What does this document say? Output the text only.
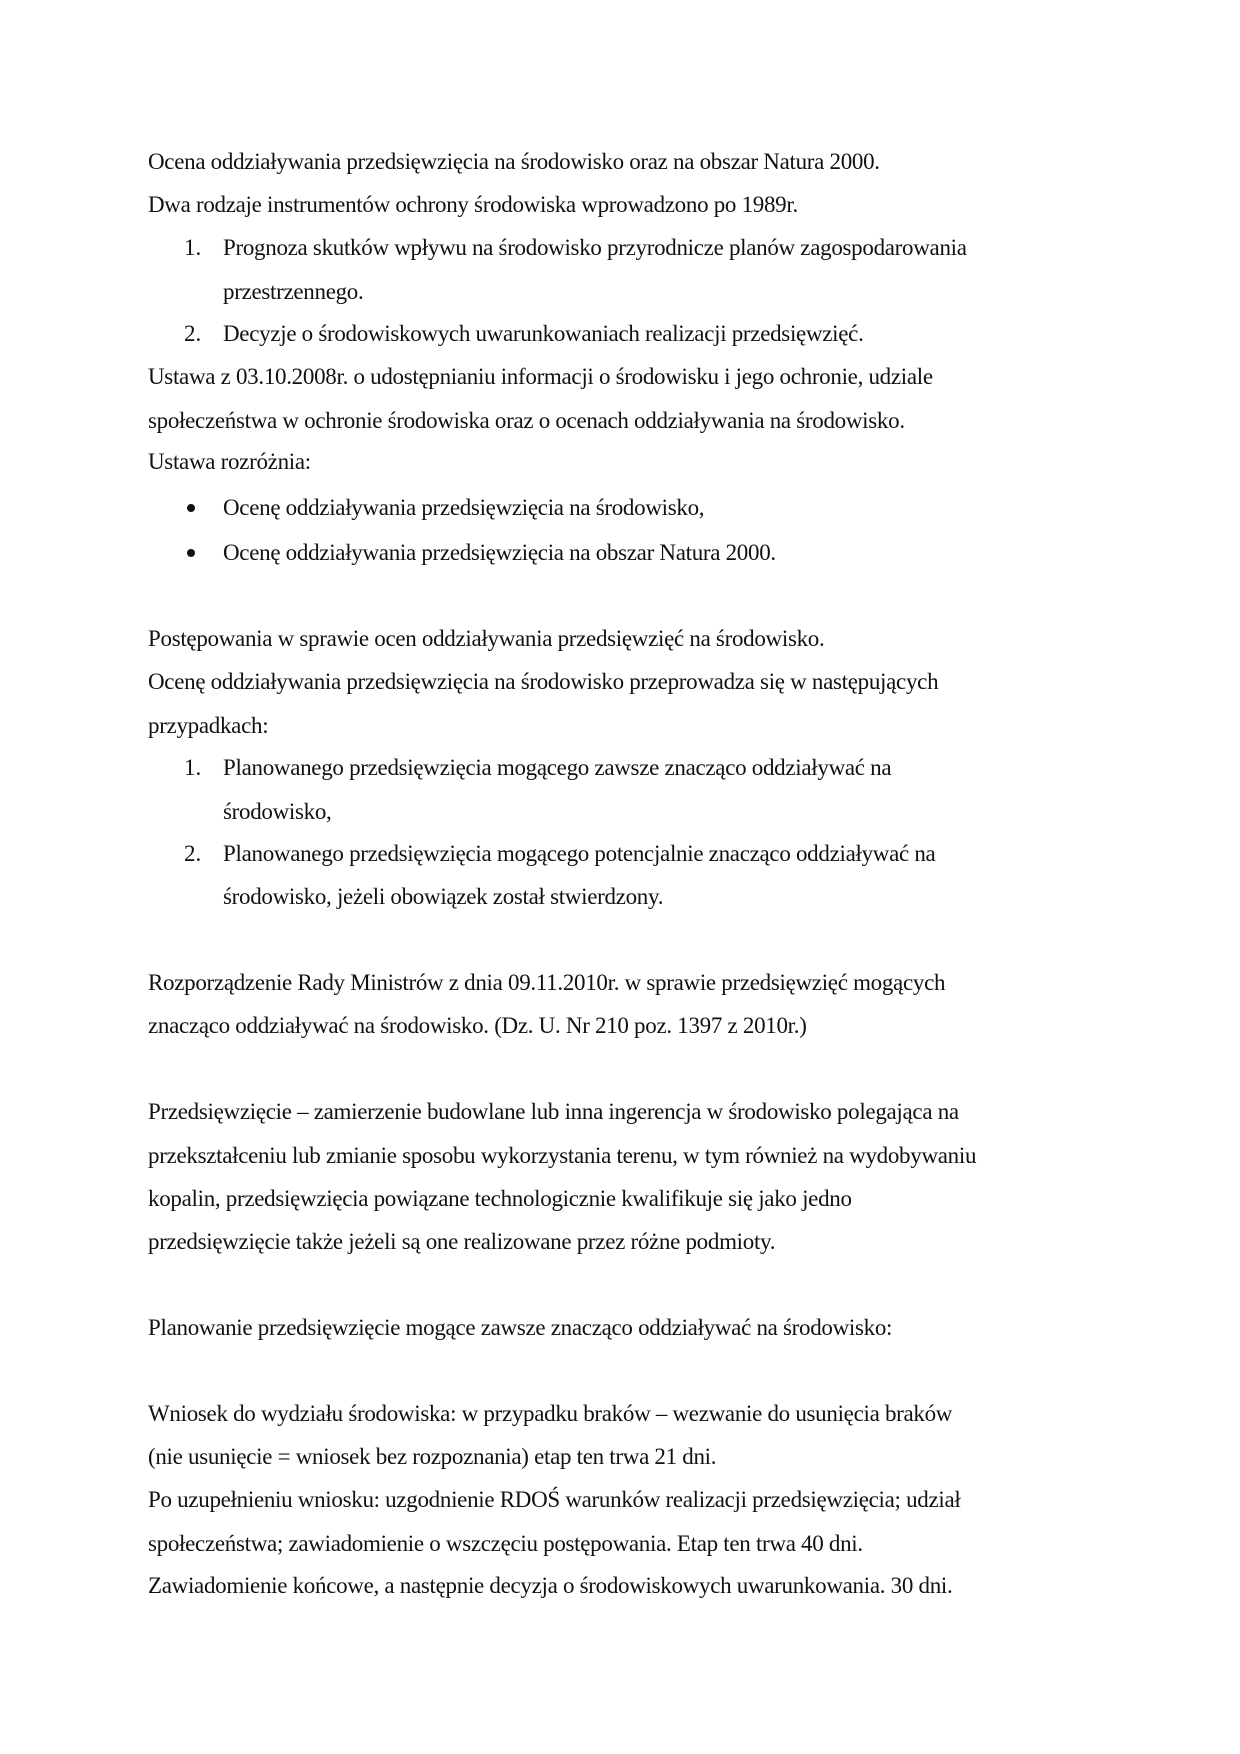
Ocena oddziaływania przedsięwzięcia na środowisko oraz na obszar Natura 2000.
Dwa rodzaje instrumentów ochrony środowiska wprowadzono po 1989r.
1. Prognoza skutków wpływu na środowisko przyrodnicze planów zagospodarowania
przestrzennego.
2. Decyzje o środowiskowych uwarunkowaniach realizacji przedsięwzięć.
Ustawa z 03.10.2008r. o udostępnianiu informacji o środowisku i jego ochronie, udziale
społeczeństwa w ochronie środowiska oraz o ocenach oddziaływania na środowisko.
Ustawa rozróżnia:
Ocenę oddziaływania przedsięwzięcia na środowisko,
Ocenę oddziaływania przedsięwzięcia na obszar Natura 2000.
Postępowania w sprawie ocen oddziaływania przedsięwzięć na środowisko.
Ocenę oddziaływania przedsięwzięcia na środowisko przeprowadza się w następujących
przypadkach:
1. Planowanego przedsięwzięcia mogącego zawsze znacząco oddziaływać na
środowisko,
2. Planowanego przedsięwzięcia mogącego potencjalnie znacząco oddziaływać na
środowisko, jeżeli obowiązek został stwierdzony.
Rozporządzenie Rady Ministrów z dnia 09.11.2010r. w sprawie przedsięwzięć mogących
znacząco oddziaływać na środowisko. (Dz. U. Nr 210 poz. 1397 z 2010r.)
Przedsięwzięcie – zamierzenie budowlane lub inna ingerencja w środowisko polegająca na
przekształceniu lub zmianie sposobu wykorzystania terenu, w tym również na wydobywaniu
kopalin, przedsięwzięcia powiązane technologicznie kwalifikuje się jako jedno
przedsięwzięcie także jeżeli są one realizowane przez różne podmioty.
Planowanie przedsięwzięcie mogące zawsze znacząco oddziaływać na środowisko:
Wniosek do wydziału środowiska: w przypadku braków – wezwanie do usunięcia braków
(nie usunięcie = wniosek bez rozpoznania) etap ten trwa 21 dni.
Po uzupełnieniu wniosku: uzgodnienie RDOŚ warunków realizacji przedsięwzięcia; udział
społeczeństwa; zawiadomienie o wszczęciu postępowania. Etap ten trwa 40 dni.
Zawiadomienie końcowe, a następnie decyzja o środowiskowych uwarunkowania. 30 dni.
